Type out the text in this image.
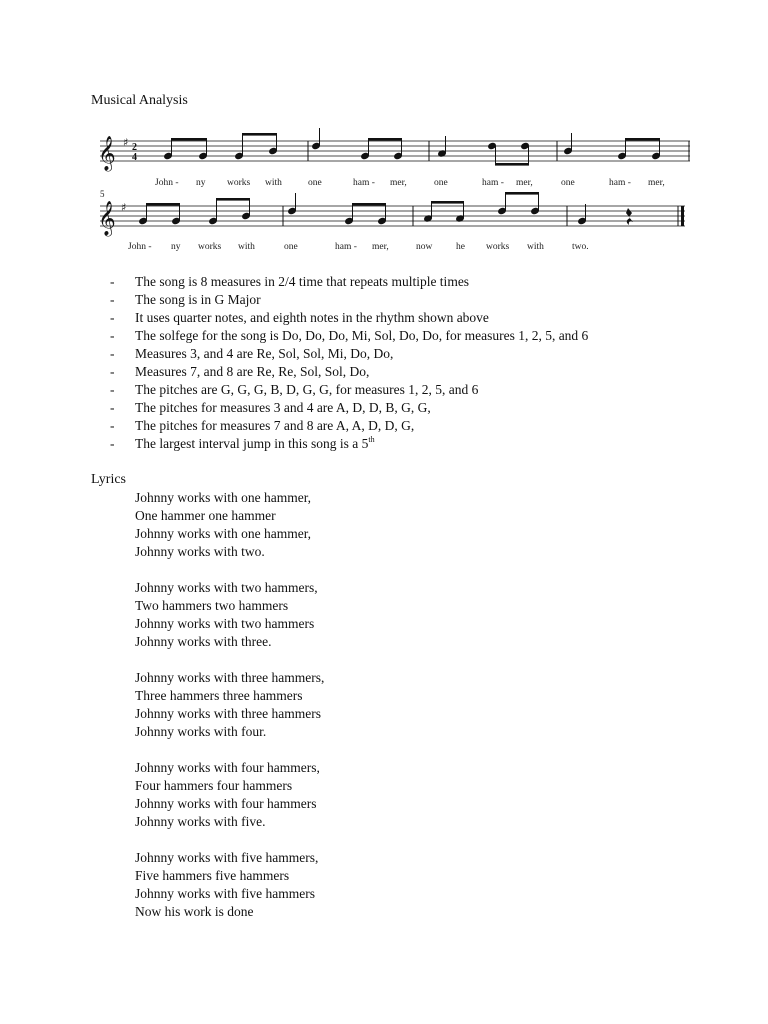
Musical Analysis
𝄞 ♯ 2
4
John - ny works with	one	ham - mer,	one	ham - mer,	one	ham - mer,
5
𝄞 ♯
John - ny works with	one	ham - mer,	now he works with	two.
- The song is 8 measures in 2/4 time that repeats multiple times
- The song is in G Major
- It uses quarter notes, and eighth notes in the rhythm shown above
- The solfege for the song is Do, Do, Do, Mi, Sol, Do, Do, for measures 1, 2, 5, and 6
- Measures 3, and 4 are Re, Sol, Sol, Mi, Do, Do,
- Measures 7, and 8 are Re, Re, Sol, Sol, Do,
- The pitches are G, G, G, B, D, G, G, for measures 1, 2, 5, and 6
- The pitches for measures 3 and 4 are A, D, D, B, G, G,
- The pitches for measures 7 and 8 are A, A, D, D, G,
- The largest interval jump in this song is a 5th
Lyrics
Johnny works with one hammer,
One hammer one hammer
Johnny works with one hammer,
Johnny works with two.
Johnny works with two hammers,
Two hammers two hammers
Johnny works with two hammers
Johnny works with three.
Johnny works with three hammers,
Three hammers three hammers
Johnny works with three hammers
Johnny works with four.
Johnny works with four hammers,
Four hammers four hammers
Johnny works with four hammers
Johnny works with five.
Johnny works with five hammers,
Five hammers five hammers
Johnny works with five hammers
Now his work is done
